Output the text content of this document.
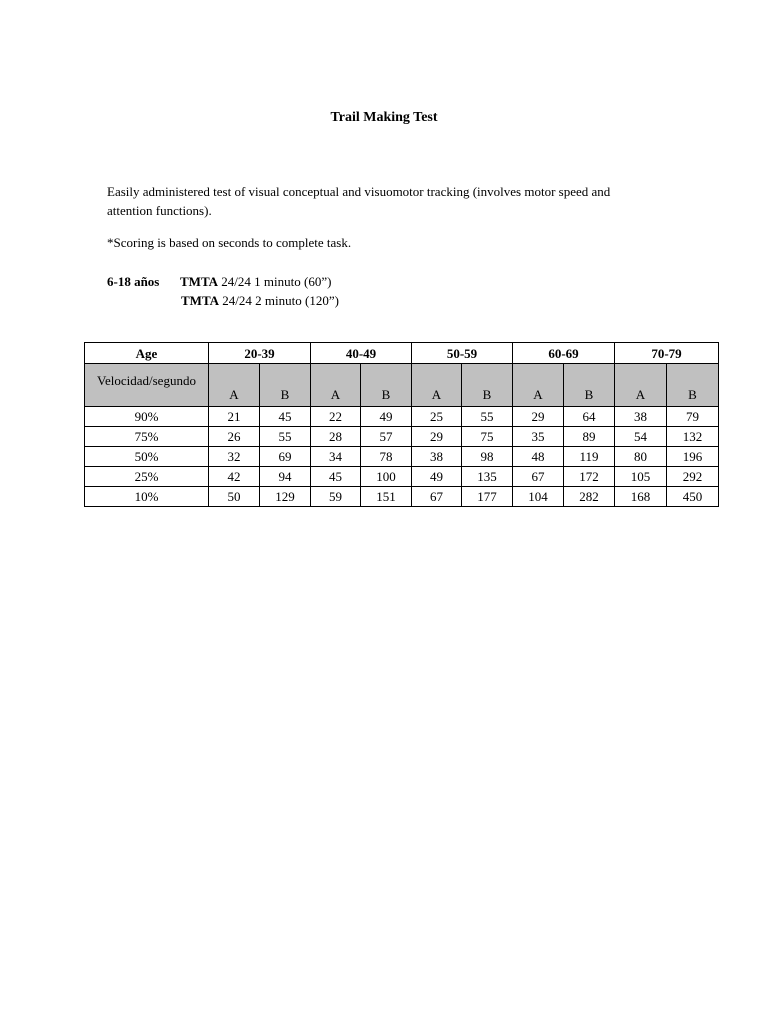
Trail Making Test
Easily administered test of visual conceptual and visuomotor tracking (involves motor speed and attention functions).
*Scoring is based on seconds to complete task.
6-18 años	TMTA 24/24 1 minuto (60”)
TMTA 24/24 2 minuto (120”)
Age	20-39		40-49		50-59		60-69		70-79	
Velocidad/segundo	A	B	A	B	A	B	A	B	A	B
90%	21	45	22	49	25	55	29	64	38	79
75%	26	55	28	57	29	75	35	89	54	132
50%	32	69	34	78	38	98	48	119	80	196
25%	42	94	45	100	49	135	67	172	105	292
10%	50	129	59	151	67	177	104	282	168	450
